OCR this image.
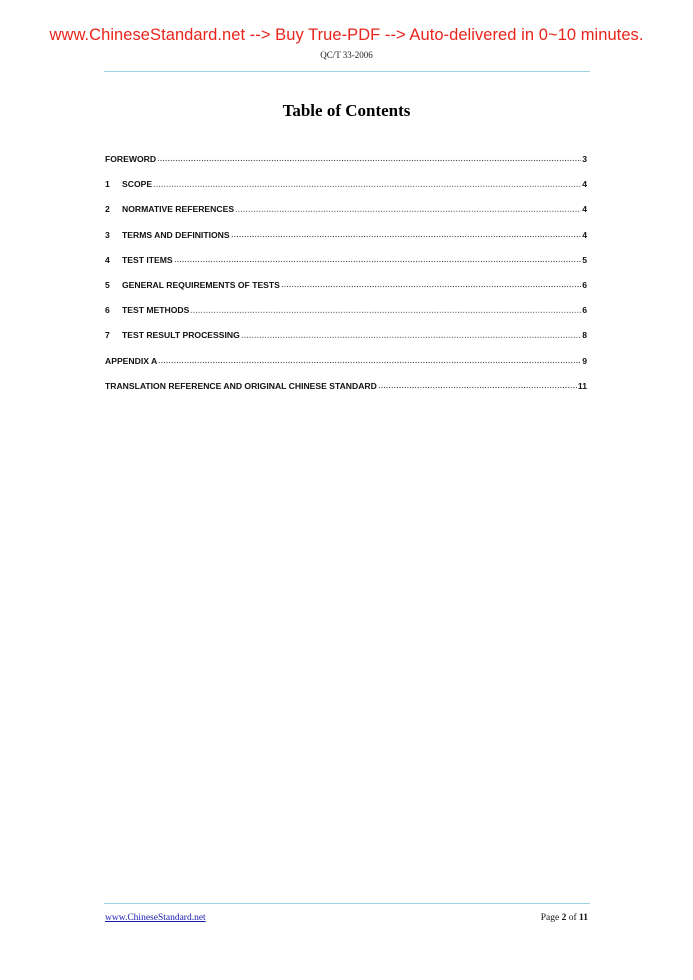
www.ChineseStandard.net --> Buy True-PDF --> Auto-delivered in 0~10 minutes.
QC/T 33-2006
Table of Contents
FOREWORD	3
1	SCOPE	4
2	NORMATIVE REFERENCES	4
3	TERMS AND DEFINITIONS	4
4	TEST ITEMS	5
5	GENERAL REQUIREMENTS OF TESTS	6
6	TEST METHODS	6
7	TEST RESULT PROCESSING	8
APPENDIX A	9
TRANSLATION REFERENCE AND ORIGINAL CHINESE STANDARD	11
www.ChineseStandard.net	Page 2 of 11
